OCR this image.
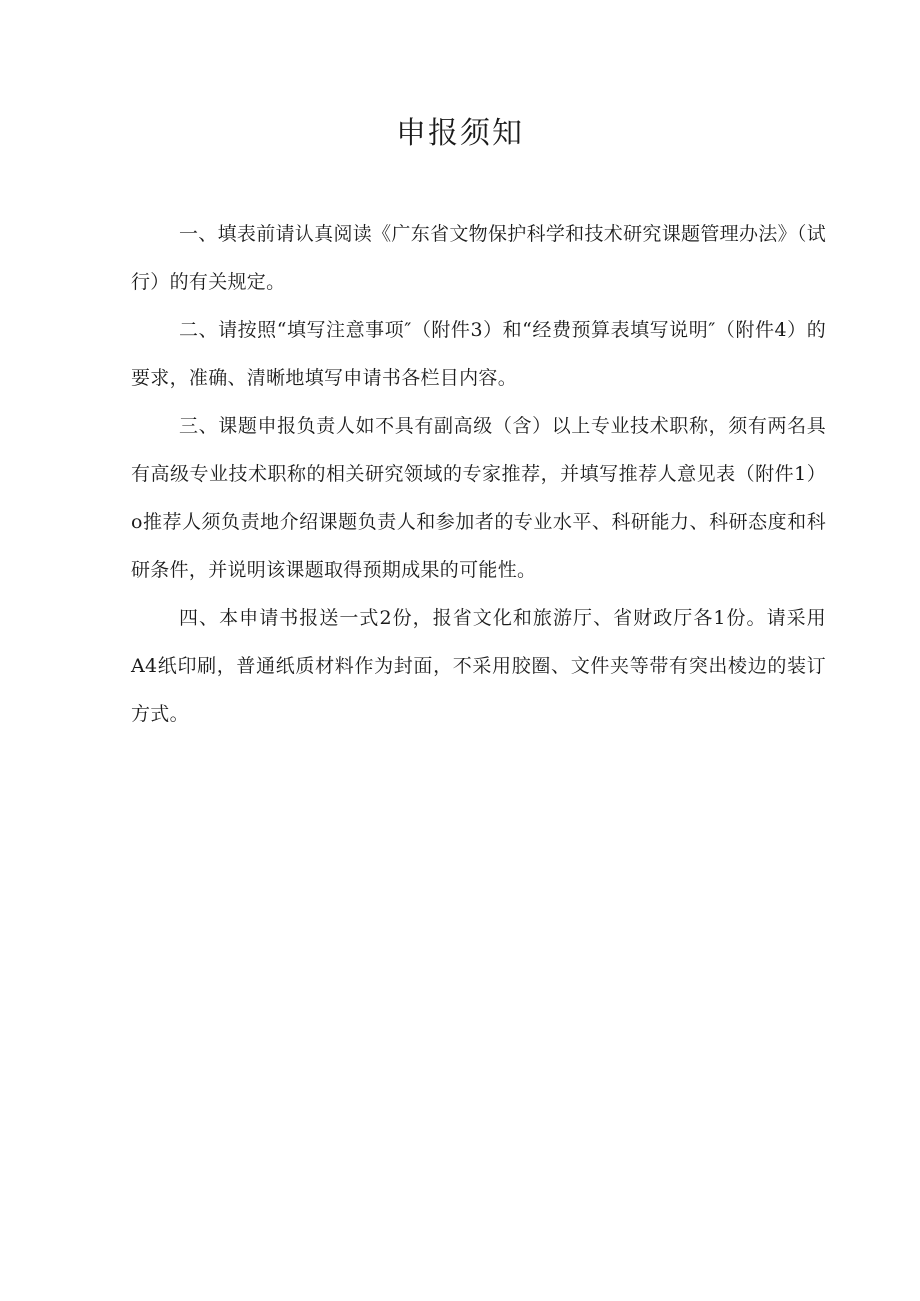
申报须知

一、填表前请认真阅读《广东省文物保护科学和技术研究课题管理办法》（试行）的有关规定。

二、请按照“填写注意事项″（附件3）和“经费预算表填写说明″（附件4）的要求，准确、清晰地填写申请书各栏目内容。

三、课题申报负责人如不具有副高级（含）以上专业技术职称，须有两名具有高级专业技术职称的相关研究领域的专家推荐，并填写推荐人意见表（附件1）o推荐人须负责地介绍课题负责人和参加者的专业水平、科研能力、科研态度和科研条件，并说明该课题取得预期成果的可能性。

四、本申请书报送一式2份，报省文化和旅游厅、省财政厅各1份。请采用A4纸印刷，普通纸质材料作为封面，不采用胶圈、文件夹等带有突出棱边的装订方式。
